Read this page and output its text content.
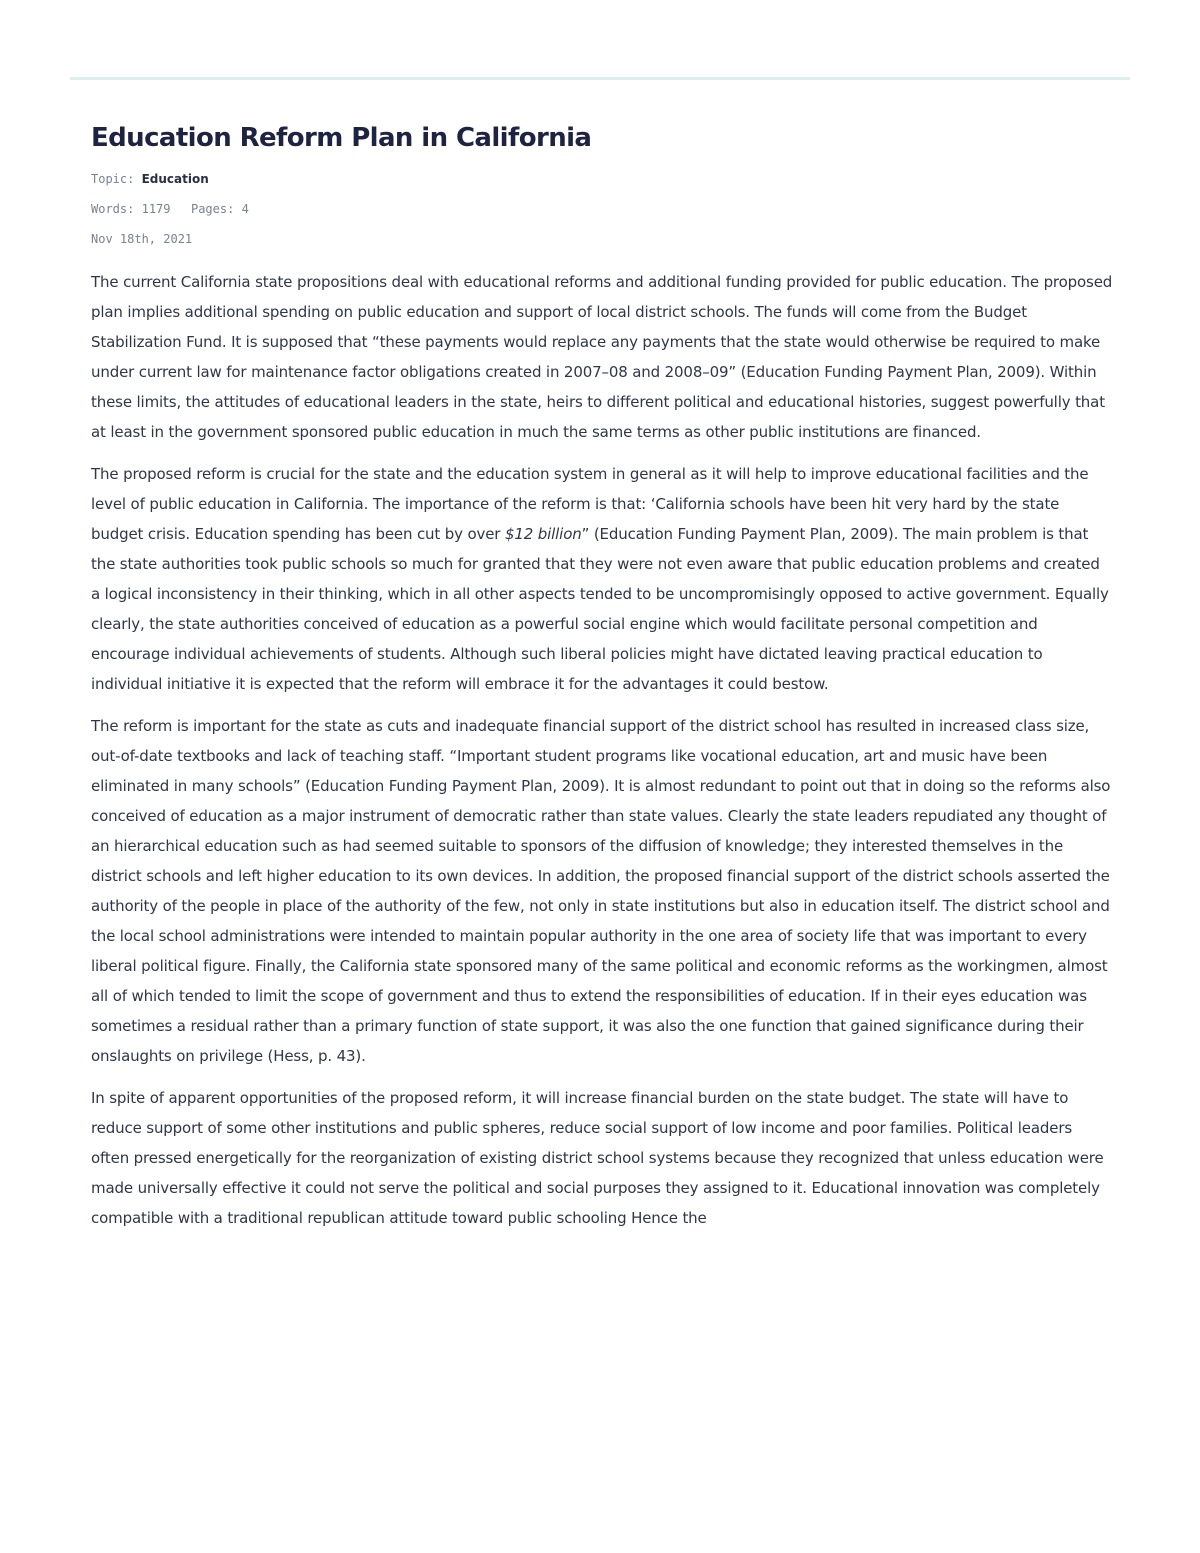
Education Reform Plan in California
Topic: Education
Words: 1179 Pages: 4
Nov 18th, 2021

The current California state propositions deal with educational reforms and additional funding provided for public education. The proposed plan implies additional spending on public education and support of local district schools. The funds will come from the Budget Stabilization Fund. It is supposed that “these payments would replace any payments that the state would otherwise be required to make under current law for maintenance factor obligations created in 2007–08 and 2008–09” (Education Funding Payment Plan, 2009). Within these limits, the attitudes of educational leaders in the state, heirs to different political and educational histories, suggest powerfully that at least in the government sponsored public education in much the same terms as other public institutions are financed.

The proposed reform is crucial for the state and the education system in general as it will help to improve educational facilities and the level of public education in California. The importance of the reform is that: ‘California schools have been hit very hard by the state budget crisis. Education spending has been cut by over $12 billion” (Education Funding Payment Plan, 2009). The main problem is that the state authorities took public schools so much for granted that they were not even aware that public education problems and created a logical inconsistency in their thinking, which in all other aspects tended to be uncompromisingly opposed to active government. Equally clearly, the state authorities conceived of education as a powerful social engine which would facilitate personal competition and encourage individual achievements of students. Although such liberal policies might have dictated leaving practical education to individual initiative it is expected that the reform will embrace it for the advantages it could bestow.

The reform is important for the state as cuts and inadequate financial support of the district school has resulted in increased class size, out-of-date textbooks and lack of teaching staff. “Important student programs like vocational education, art and music have been eliminated in many schools” (Education Funding Payment Plan, 2009). It is almost redundant to point out that in doing so the reforms also conceived of education as a major instrument of democratic rather than state values. Clearly the state leaders repudiated any thought of an hierarchical education such as had seemed suitable to sponsors of the diffusion of knowledge; they interested themselves in the district schools and left higher education to its own devices. In addition, the proposed financial support of the district schools asserted the authority of the people in place of the authority of the few, not only in state institutions but also in education itself. The district school and the local school administrations were intended to maintain popular authority in the one area of society life that was important to every liberal political figure. Finally, the California state sponsored many of the same political and economic reforms as the workingmen, almost all of which tended to limit the scope of government and thus to extend the responsibilities of education. If in their eyes education was sometimes a residual rather than a primary function of state support, it was also the one function that gained significance during their onslaughts on privilege (Hess, p. 43).

In spite of apparent opportunities of the proposed reform, it will increase financial burden on the state budget. The state will have to reduce support of some other institutions and public spheres, reduce social support of low income and poor families. Political leaders often pressed energetically for the reorganization of existing district school systems because they recognized that unless education were made universally effective it could not serve the political and social purposes they assigned to it. Educational innovation was completely compatible with a traditional republican attitude toward public schooling Hence the
